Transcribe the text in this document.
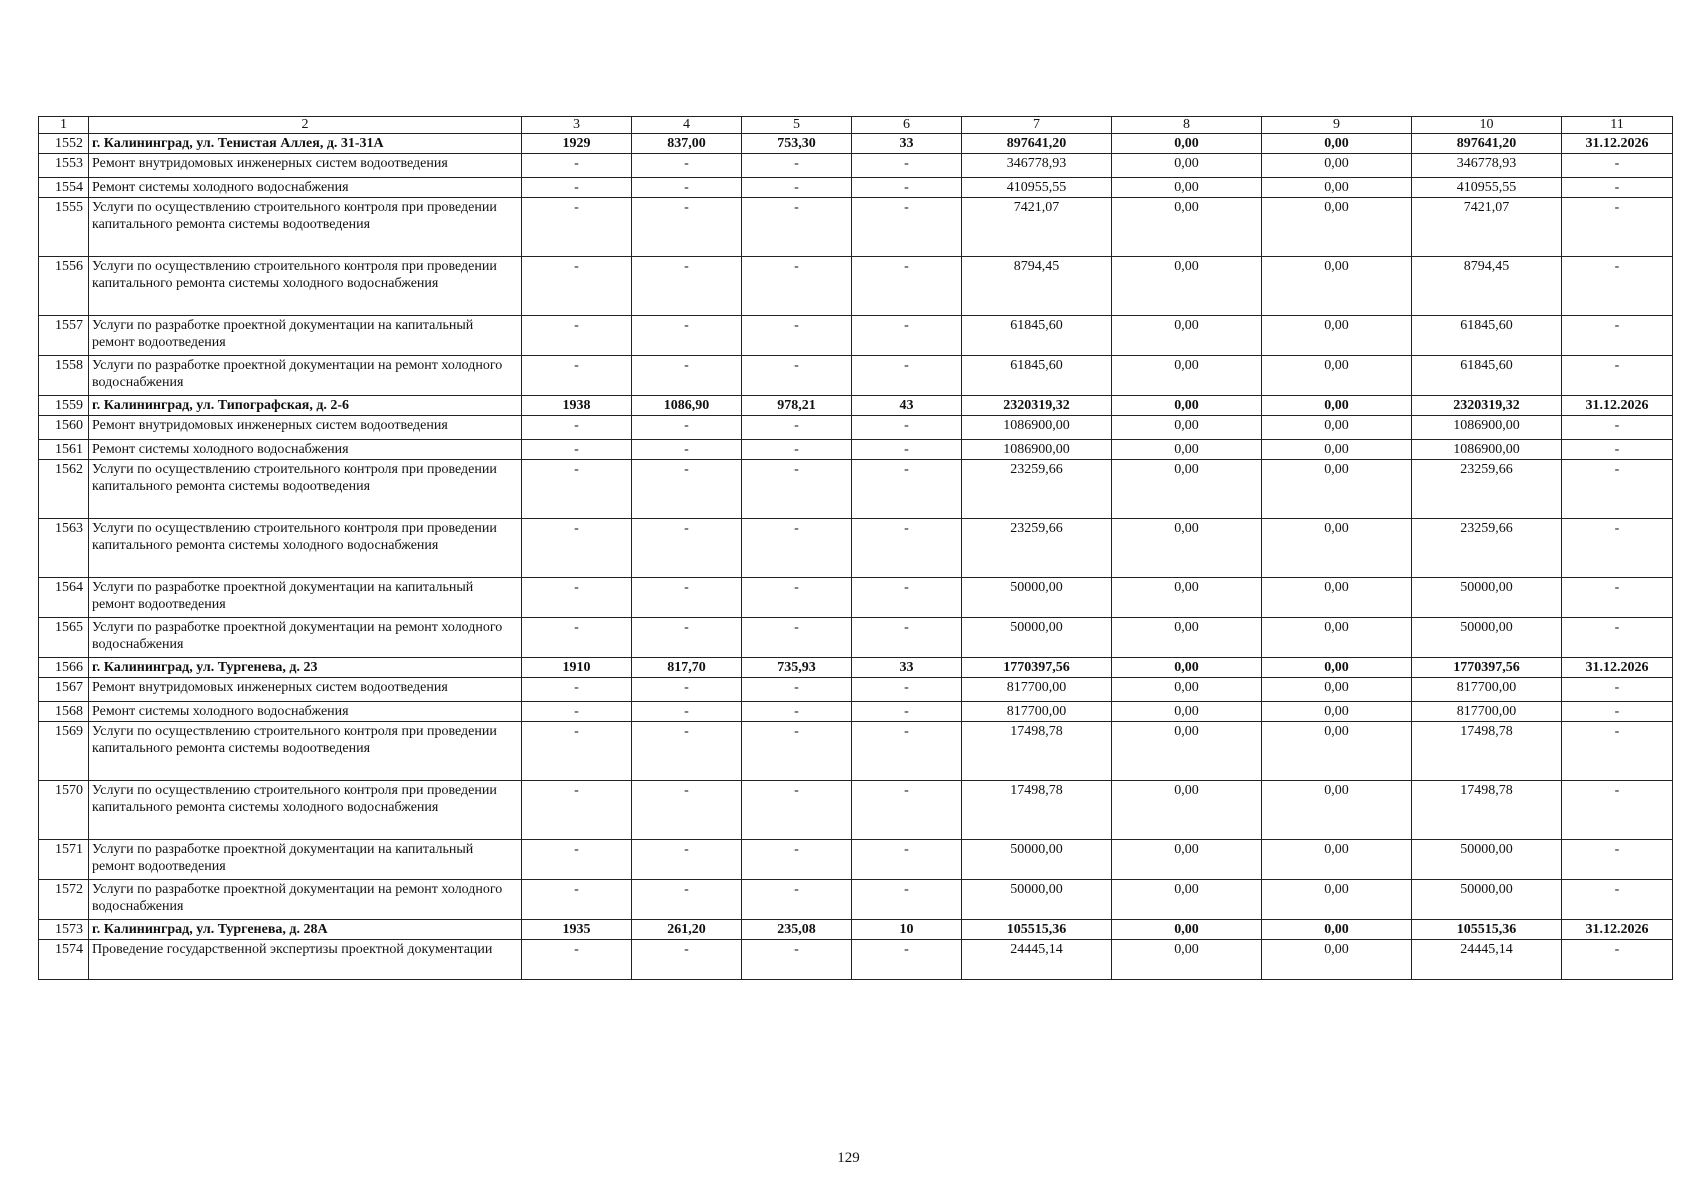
1	2	3	4	5	6	7	8	9	10	11
1552	г. Калининград, ул. Тенистая Аллея, д. 31-31А	1929	837,00	753,30	33	897641,20	0,00	0,00	897641,20	31.12.2026
1553	Ремонт внутридомовых инженерных систем водоотведения	-	-	-	-	346778,93	0,00	0,00	346778,93	-
1554	Ремонт системы холодного водоснабжения	-	-	-	-	410955,55	0,00	0,00	410955,55	-
1555	Услуги по осуществлению строительного контроля при проведении капитального ремонта системы водоотведения	-	-	-	-	7421,07	0,00	0,00	7421,07	-
1556	Услуги по осуществлению строительного контроля при проведении капитального ремонта системы холодного водоснабжения	-	-	-	-	8794,45	0,00	0,00	8794,45	-
1557	Услуги по разработке проектной документации на капитальный ремонт водоотведения	-	-	-	-	61845,60	0,00	0,00	61845,60	-
1558	Услуги по разработке проектной документации на ремонт холодного водоснабжения	-	-	-	-	61845,60	0,00	0,00	61845,60	-
1559	г. Калининград, ул. Типографская, д. 2-6	1938	1086,90	978,21	43	2320319,32	0,00	0,00	2320319,32	31.12.2026
1560	Ремонт внутридомовых инженерных систем водоотведения	-	-	-	-	1086900,00	0,00	0,00	1086900,00	-
1561	Ремонт системы холодного водоснабжения	-	-	-	-	1086900,00	0,00	0,00	1086900,00	-
1562	Услуги по осуществлению строительного контроля при проведении капитального ремонта системы водоотведения	-	-	-	-	23259,66	0,00	0,00	23259,66	-
1563	Услуги по осуществлению строительного контроля при проведении капитального ремонта системы холодного водоснабжения	-	-	-	-	23259,66	0,00	0,00	23259,66	-
1564	Услуги по разработке проектной документации на капитальный ремонт водоотведения	-	-	-	-	50000,00	0,00	0,00	50000,00	-
1565	Услуги по разработке проектной документации на ремонт холодного водоснабжения	-	-	-	-	50000,00	0,00	0,00	50000,00	-
1566	г. Калининград, ул. Тургенева, д. 23	1910	817,70	735,93	33	1770397,56	0,00	0,00	1770397,56	31.12.2026
1567	Ремонт внутридомовых инженерных систем водоотведения	-	-	-	-	817700,00	0,00	0,00	817700,00	-
1568	Ремонт системы холодного водоснабжения	-	-	-	-	817700,00	0,00	0,00	817700,00	-
1569	Услуги по осуществлению строительного контроля при проведении капитального ремонта системы водоотведения	-	-	-	-	17498,78	0,00	0,00	17498,78	-
1570	Услуги по осуществлению строительного контроля при проведении капитального ремонта системы холодного водоснабжения	-	-	-	-	17498,78	0,00	0,00	17498,78	-
1571	Услуги по разработке проектной документации на капитальный ремонт водоотведения	-	-	-	-	50000,00	0,00	0,00	50000,00	-
1572	Услуги по разработке проектной документации на ремонт холодного водоснабжения	-	-	-	-	50000,00	0,00	0,00	50000,00	-
1573	г. Калининград, ул. Тургенева, д. 28А	1935	261,20	235,08	10	105515,36	0,00	0,00	105515,36	31.12.2026
1574	Проведение государственной экспертизы проектной документации	-	-	-	-	24445,14	0,00	0,00	24445,14	-
129
